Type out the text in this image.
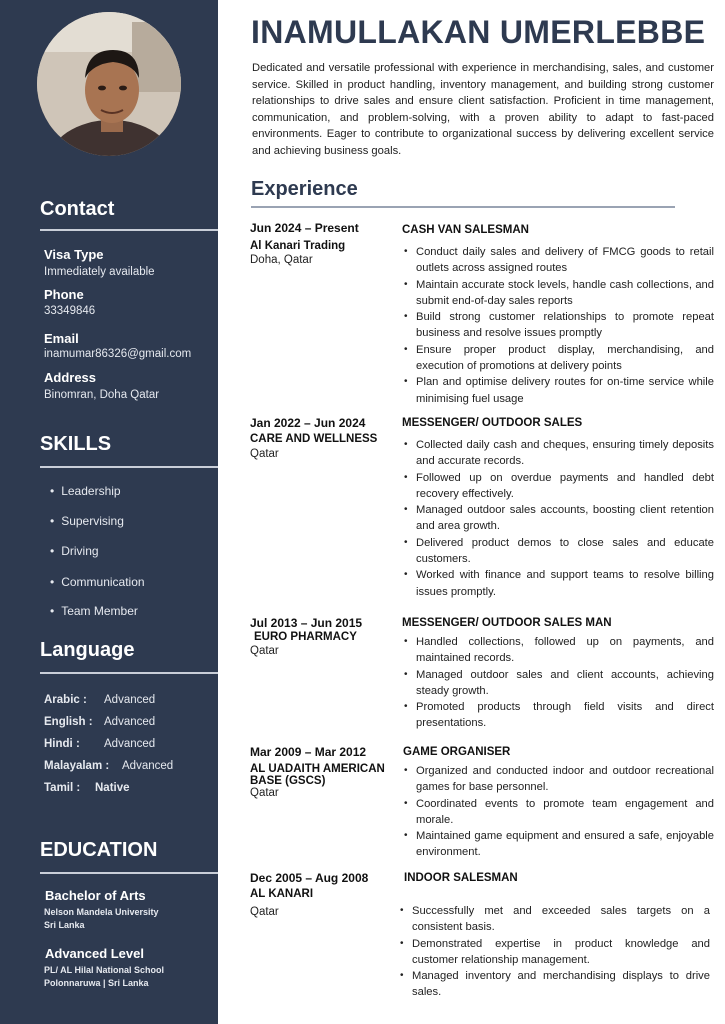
Contact
Visa Type
Immediately available
Phone
33349846
Email
inamumar86326@gmail.com
Address
Binomran, Doha Qatar
SKILLS
• Leadership
• Supervising
• Driving
• Communication
• Team Member
Language
Arabic : Advanced
English : Advanced
Hindi : Advanced
Malayalam : Advanced
Tamil : Native
EDUCATION
Bachelor of Arts
Nelson Mandela University
Sri Lanka
Advanced Level
PL/ AL Hilal National School
Polonnaruwa | Sri Lanka
INAMULLAKAN UMERLEBBE
Dedicated and versatile professional with experience in merchandising, sales, and customer service. Skilled in product handling, inventory management, and building strong customer relationships to drive sales and ensure client satisfaction. Proficient in time management, communication, and problem-solving, with a proven ability to adapt to fast-paced environments. Eager to contribute to organizational success by delivering excellent service and achieving business goals.
Experience
Jun 2024 – Present
Al Kanari Trading
Doha, Qatar
CASH VAN SALESMAN
• Conduct daily sales and delivery of FMCG goods to retail outlets across assigned routes
• Maintain accurate stock levels, handle cash collections, and submit end-of-day sales reports
• Build strong customer relationships to promote repeat business and resolve issues promptly
• Ensure proper product display, merchandising, and execution of promotions at delivery points
• Plan and optimise delivery routes for on-time service while minimising fuel usage
Jan 2022 – Jun 2024
CARE AND WELLNESS
Qatar
MESSENGER/ OUTDOOR SALES
• Collected daily cash and cheques, ensuring timely deposits and accurate records.
• Followed up on overdue payments and handled debt recovery effectively.
• Managed outdoor sales accounts, boosting client retention and area growth.
• Delivered product demos to close sales and educate customers.
• Worked with finance and support teams to resolve billing issues promptly.
Jul 2013 – Jun 2015
EURO PHARMACY
Qatar
MESSENGER/ OUTDOOR SALES MAN
• Handled collections, followed up on payments, and maintained records.
• Managed outdoor sales and client accounts, achieving steady growth.
• Promoted products through field visits and direct presentations.
Mar 2009 – Mar 2012
AL UADAITH AMERICAN BASE (GSCS)
Qatar
GAME ORGANISER
• Organized and conducted indoor and outdoor recreational games for base personnel.
• Coordinated events to promote team engagement and morale.
• Maintained game equipment and ensured a safe, enjoyable environment.
Dec 2005 – Aug 2008
AL KANARI
Qatar
INDOOR SALESMAN
• Successfully met and exceeded sales targets on a consistent basis.
• Demonstrated expertise in product knowledge and customer relationship management.
• Managed inventory and merchandising displays to drive sales.
